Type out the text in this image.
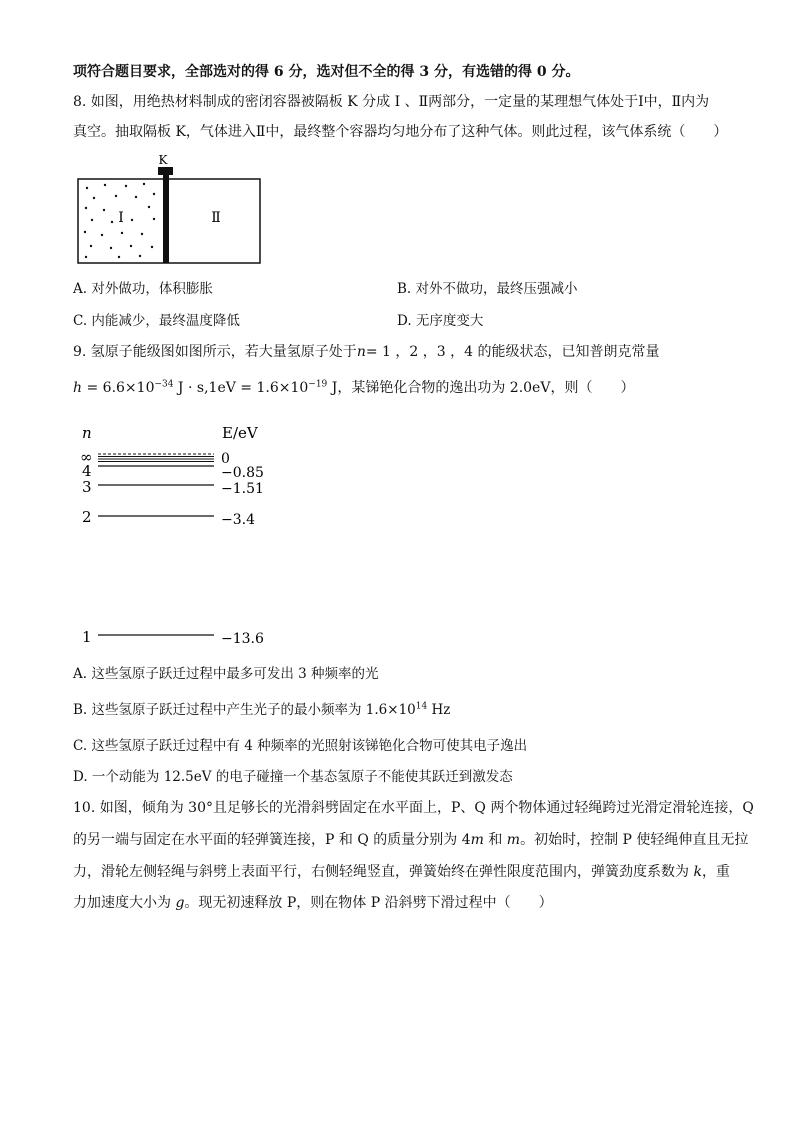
项符合题目要求，全部选对的得 6 分，选对但不全的得 3 分，有选错的得 0 分。
8. 如图，用绝热材料制成的密闭容器被隔板 K 分成 Ⅰ 、Ⅱ两部分，一定量的某理想气体处于Ⅰ中，Ⅱ内为
真空。抽取隔板 K，气体进入Ⅱ中，最终整个容器均匀地分布了这种气体。则此过程，该气体系统（　　）
K
Ⅰ	Ⅱ
A. 对外做功，体积膨胀	B. 对外不做功，最终压强减小
C. 内能减少，最终温度降低	D. 无序度变大
9. 氢原子能级图如图所示，若大量氢原子处于n= 1 ，2 ，3 ，4 的能级状态，已知普朗克常量
$h = 6.6\times 10^{-34}$ $J \cdot s,1eV = 1.6\times 10^{-19}$ J，某锑铯化合物的逸出功为 2.0eV，则（　　）
n	E/eV
∞	0
4	−0.85
3	−1.51
2	−3.4
1	−13.6
A. 这些氢原子跃迁过程中最多可发出 3 种频率的光
B. 这些氢原子跃迁过程中产生光子的最小频率为 $1.6\times 10^{14}$ Hz
C. 这些氢原子跃迁过程中有 4 种频率的光照射该锑铯化合物可使其电子逸出
D. 一个动能为 12.5eV 的电子碰撞一个基态氢原子不能使其跃迁到激发态
10. 如图，倾角为 30°且足够长的光滑斜劈固定在水平面上，P、Q 两个物体通过轻绳跨过光滑定滑轮连接，Q
的另一端与固定在水平面的轻弹簧连接，P 和 Q 的质量分别为 4m 和 m。初始时，控制 P 使轻绳伸直且无拉
力，滑轮左侧轻绳与斜劈上表面平行，右侧轻绳竖直，弹簧始终在弹性限度范围内，弹簧劲度系数为 k，重
力加速度大小为 g。现无初速释放 P，则在物体 P 沿斜劈下滑过程中（　　）
